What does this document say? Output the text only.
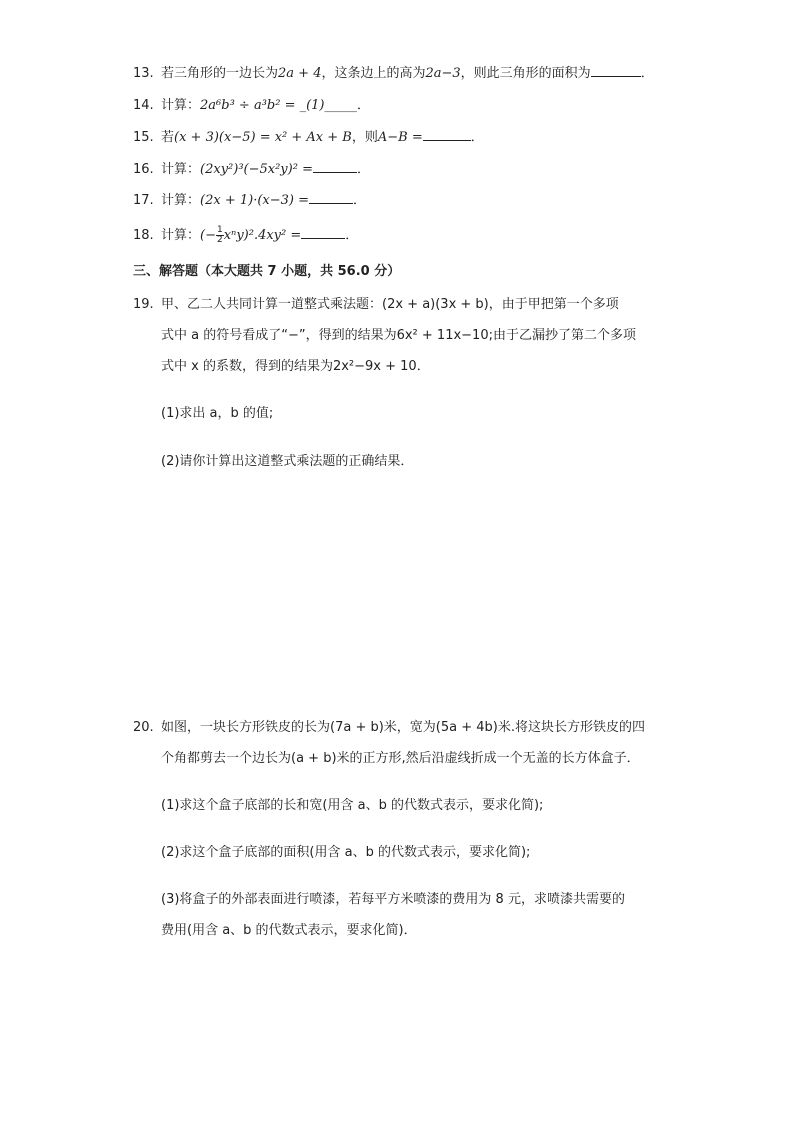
13. 若三角形的一边长为2a + 4，这条边上的高为2a−3，则此三角形的面积为	．
14. 计算：2a⁶b³ ÷ a³b² = _(1)_____．
15. 若(x + 3)(x−5) = x² + Ax + B，则A−B =	．
16. 计算：(2xy²)³(−5x²y)² =	．
17. 计算：(2x + 1)·(x−3) =	．
18. 计算：(− $\frac{1}{2} x^ny)^2.4xy^2$ =	．
三、解答题（本大题共 7 小题，共 56.0 分）
19. 甲、乙二人共同计算一道整式乘法题：(2x + a)(3x + b)，由于甲把第一个多项
式中 a 的符号看成了“−”，得到的结果为6x² + 11x−10;由于乙漏抄了第二个多项
式中 x 的系数，得到的结果为2x²−9x + 10．
(1)求出 a，b 的值;
(2)请你计算出这道整式乘法题的正确结果．
20. 如图，一块长方形铁皮的长为(7a + b)米，宽为(5a + 4b)米.将这块长方形铁皮的四
个角都剪去一个边长为(a + b)米的正方形,然后沿虚线折成一个无盖的长方体盒子．
(1)求这个盒子底部的长和宽(用含 a、b 的代数式表示，要求化简);
(2)求这个盒子底部的面积(用含 a、b 的代数式表示，要求化简);
(3)将盒子的外部表面进行喷漆，若每平方米喷漆的费用为 8 元，求喷漆共需要的
费用(用含 a、b 的代数式表示，要求化简)．
